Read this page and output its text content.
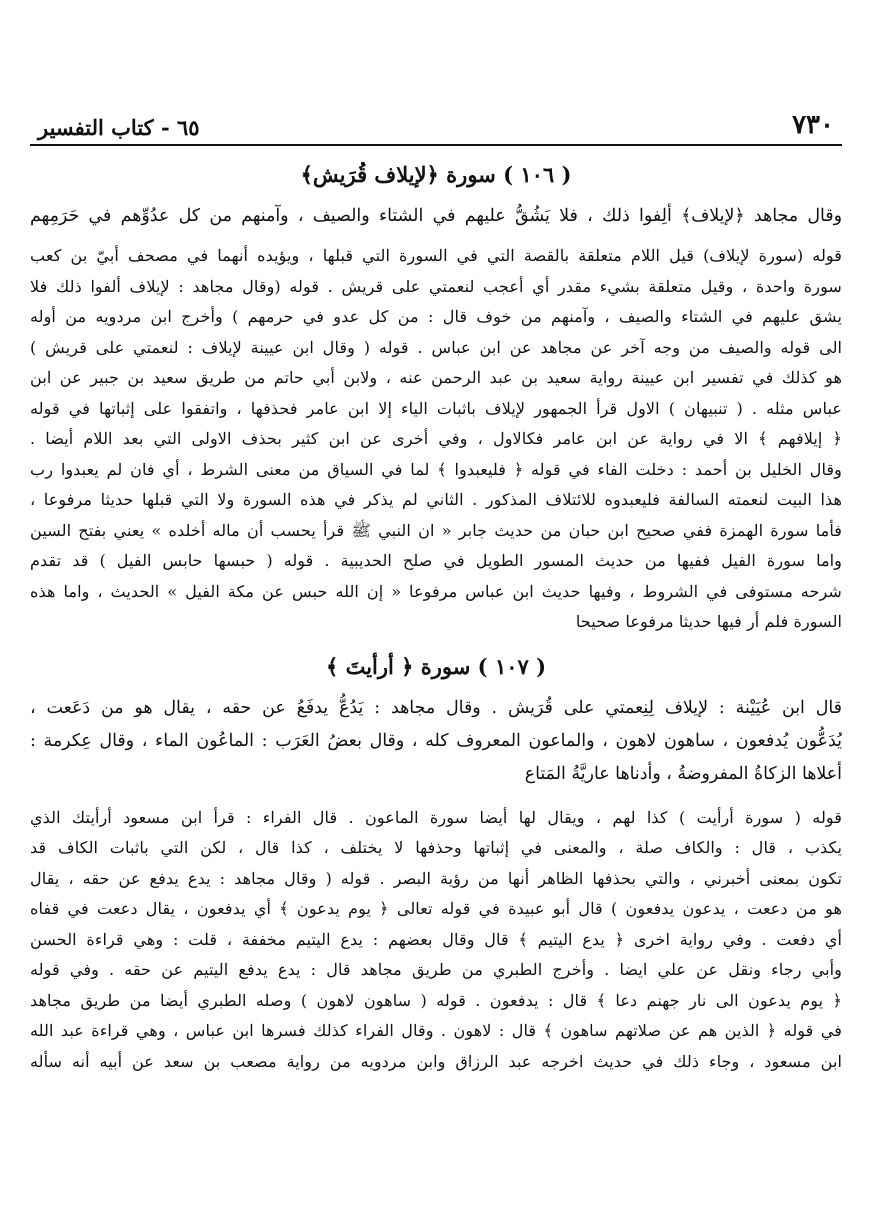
٧٣٠
٦٥ - كتاب التفسير
( ١٠٦ ) سورة ﴿لإيلاف قُرَيش﴾
وقال مجاهد ﴿لإيلاف﴾ ألِفوا ذلك ، فلا يَشُقُّ عليهم في الشتاء والصيف ، وآمنهم من كل عدُوِّهم في حَرَمِهم
قوله (سورة لإيلاف) قيل اللام متعلقة بالقصة التي في السورة التي قبلها ، ويؤيده أنهما في مصحف أبيّ بن كعب
سورة واحدة ، وقيل متعلقة بشيء مقدر أي أعجب لنعمتي على قريش . قوله (وقال مجاهد : لإيلاف ألفوا ذلك فلا
يشق عليهم في الشتاء والصيف ، وآمنهم من خوف قال : من كل عدو في حرمهم ) وأخرج ابن مردويه من أوله
الى قوله والصيف من وجه آخر عن مجاهد عن ابن عباس . قوله ( وقال ابن عيينة لإيلاف : لنعمتي على قريش )
هو كذلك في تفسير ابن عيينة رواية سعيد بن عبد الرحمن عنه ، ولابن أبي حاتم من طريق سعيد بن جبير عن ابن
عباس مثله . ( تنبيهان ) الاول قرأ الجمهور لإيلاف باثبات الياء إلا ابن عامر فحذفها ، واتفقوا على إثباتها في قوله
﴿ إيلافهم ﴾ الا في رواية عن ابن عامر فكالاول ، وفي أخرى عن ابن كثير بحذف الاولى التي بعد اللام أيضا .
وقال الخليل بن أحمد : دخلت الفاء في قوله ﴿ فليعبدوا ﴾ لما في السياق من معنى الشرط ، أي فان لم يعبدوا رب
هذا البيت لنعمته السالفة فليعبدوه للائتلاف المذكور . الثاني لم يذكر في هذه السورة ولا التي قبلها حديثا مرفوعا ،
فأما سورة الهمزة ففي صحيح ابن حبان من حديث جابر « ان النبي ﷺ قرأ يحسب أن ماله أخلده » يعني بفتح السين
واما سورة الفيل ففيها من حديث المسور الطويل في صلح الحديبية . قوله ( حبسها حابس الفيل ) قد تقدم
شرحه مستوفى في الشروط ، وفيها حديث ابن عباس مرفوعا « إن الله حبس عن مكة الفيل » الحديث ، واما هذه
السورة فلم أر فيها حديثا مرفوعا صحيحا
( ١٠٧ ) سورة ﴿ أرأيتَ ﴾
قال ابن عُيَيْنة : لإيلاف لِنِعمتي على قُرَيش . وقال مجاهد : يَدُعُّ يدفَعُ عن حقه ، يقال هو من دَعَعت ،
يُدَعُّون يُدفعون ، ساهون لاهون ، والماعون المعروف كله ، وقال بعضُ العَرَب : الماعُون الماء ، وقال عِكرمة :
أعلاها الزكاةُ المفروضةُ ، وأدناها عاريَّةُ المَتاع
قوله ( سورة أرأيت ) كذا لهم ، ويقال لها أيضا سورة الماعون . قال الفراء : قرأ ابن مسعود أرأيتك الذي
يكذب ، قال : والكاف صلة ، والمعنى في إثباتها وحذفها لا يختلف ، كذا قال ، لكن التي باثبات الكاف قد
تكون بمعنى أخبرني ، والتي بحذفها الظاهر أنها من رؤية البصر . قوله ( وقال مجاهد : يدع يدفع عن حقه ، يقال
هو من دععت ، يدعون يدفعون ) قال أبو عبيدة في قوله تعالى ﴿ يوم يدعون ﴾ أي يدفعون ، يقال دععت في قفاه
أي دفعت . وفي رواية اخرى ﴿ يدع اليتيم ﴾ قال وقال بعضهم : يدع اليتيم مخففة ، قلت : وهي قراءة الحسن
وأبي رجاء ونقل عن علي ايضا . وأخرج الطبري من طريق مجاهد قال : يدع يدفع اليتيم عن حقه . وفي قوله
﴿ يوم يدعون الى نار جهنم دعا ﴾ قال : يدفعون . قوله ( ساهون لاهون ) وصله الطبري أيضا من طريق مجاهد
في قوله ﴿ الذين هم عن صلاتهم ساهون ﴾ قال : لاهون . وقال الفراء كذلك فسرها ابن عباس ، وهي قراءة عبد الله
ابن مسعود ، وجاء ذلك في حديث اخرجه عبد الرزاق وابن مردويه من رواية مصعب بن سعد عن أبيه أنه سأله
